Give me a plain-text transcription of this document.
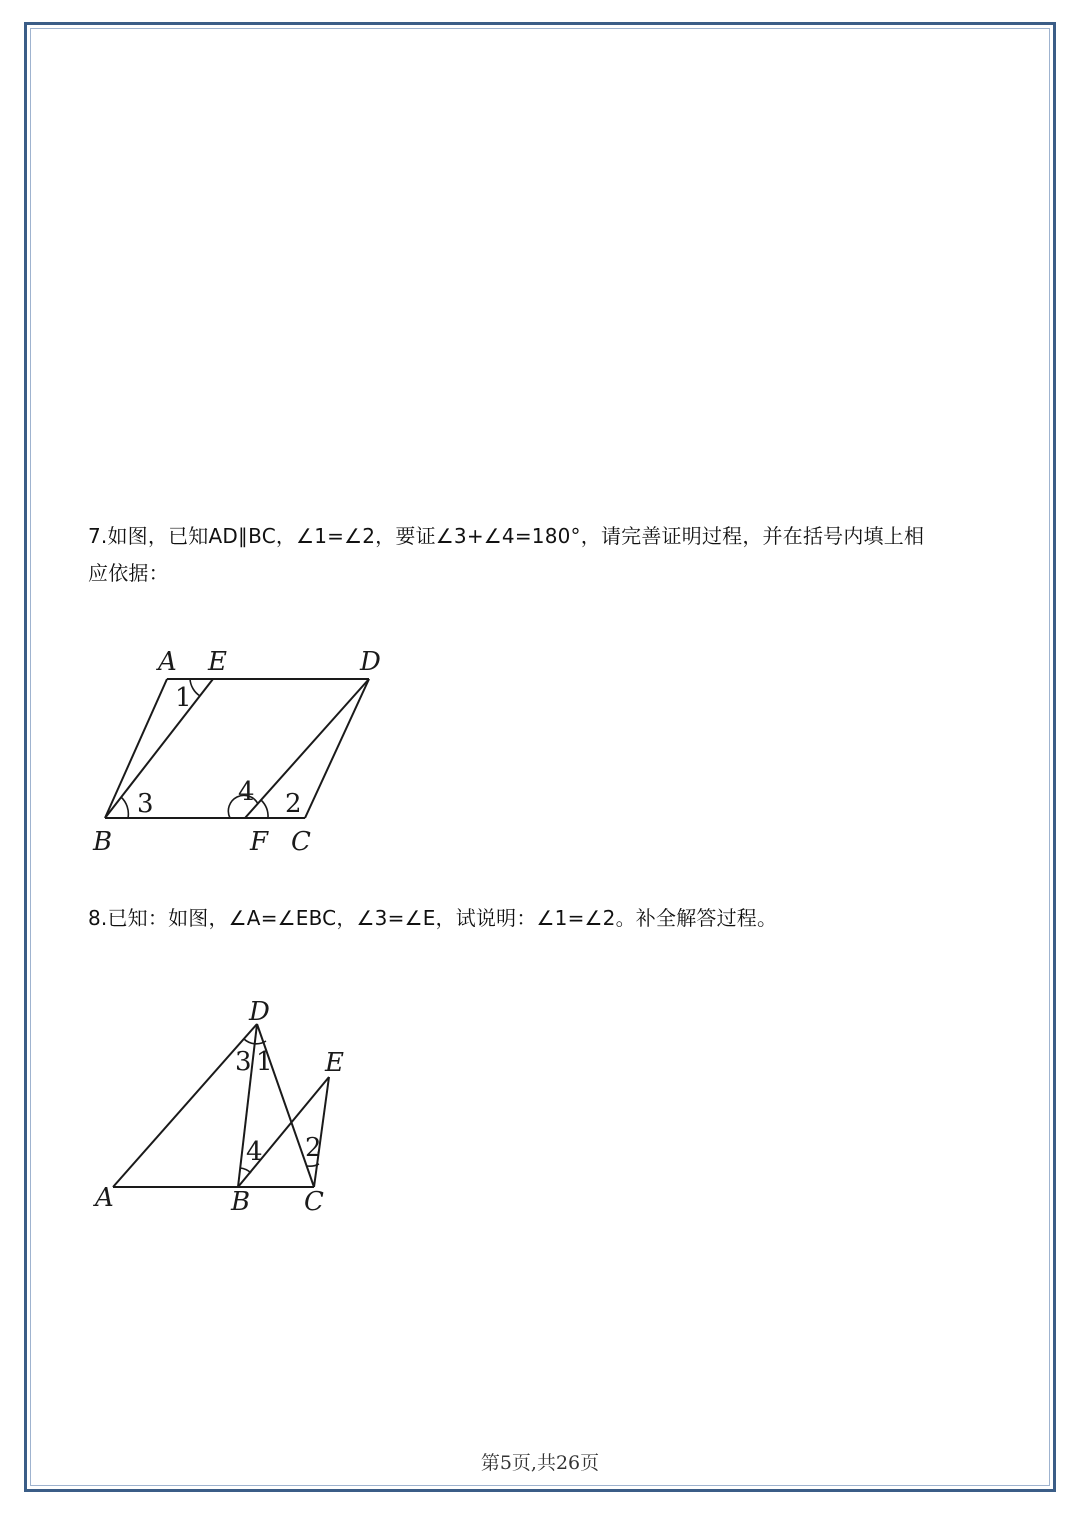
7.如图，已知AD∥BC，∠1=∠2，要证∠3+∠4=180°，请完善证明过程，并在括号内填上相
应依据：
A E	D
B	F C
1
3	4 2
8.已知：如图，∠A=∠EBC，∠3=∠E，试说明：∠1=∠2。补全解答过程。
D
E
A	B C
3 1
4 2
第5页,共26页
